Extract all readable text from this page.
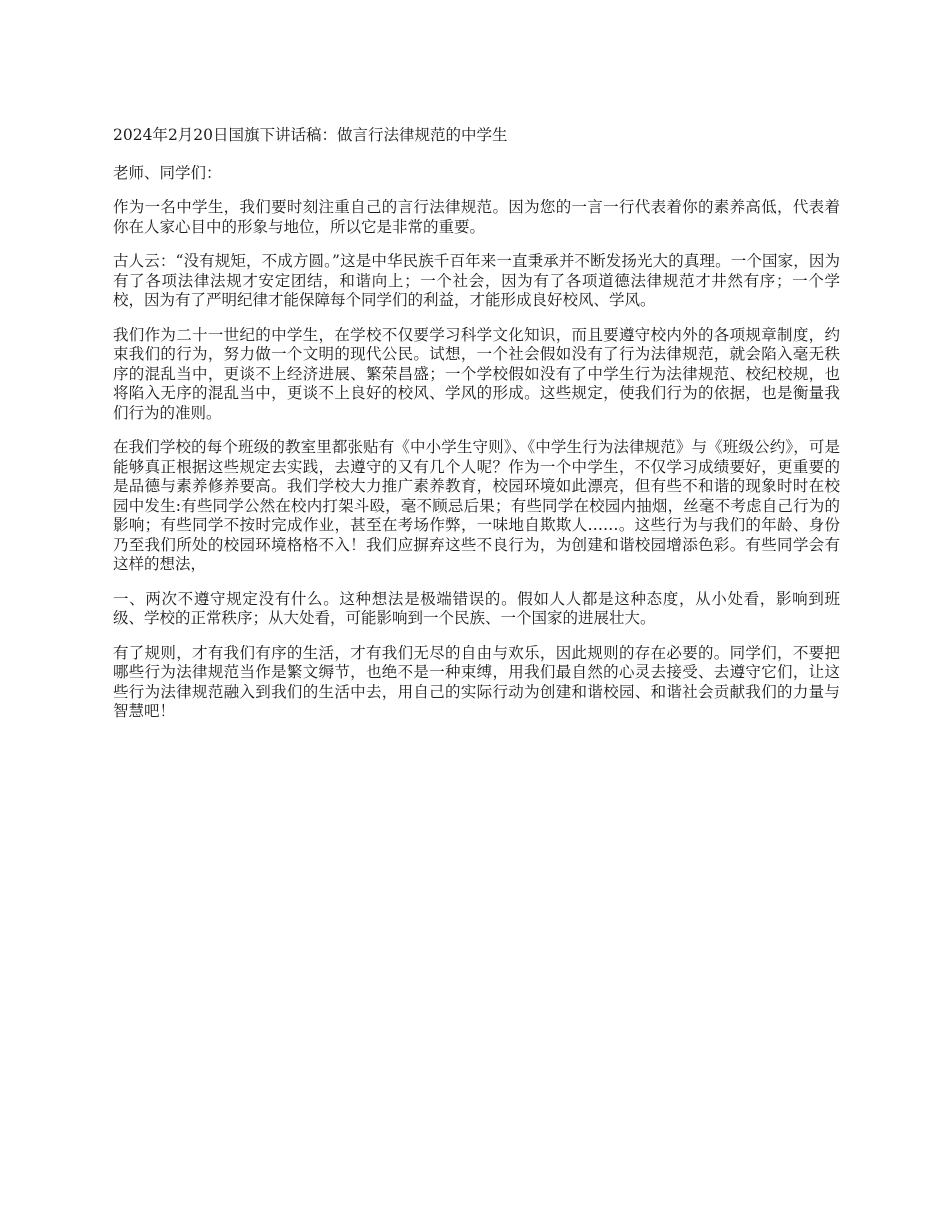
2024年2月20日国旗下讲话稿：做言行法律规范的中学生

老师、同学们：

作为一名中学生，我们要时刻注重自己的言行法律规范。因为您的一言一行代表着你的素养高低，代表着你在人家心目中的形象与地位，所以它是非常的重要。

古人云：“没有规矩，不成方圆。”这是中华民族千百年来一直秉承并不断发扬光大的真理。一个国家，因为有了各项法律法规才安定团结，和谐向上；一个社会，因为有了各项道德法律规范才井然有序；一个学校，因为有了严明纪律才能保障每个同学们的利益，才能形成良好校风、学风。

我们作为二十一世纪的中学生，在学校不仅要学习科学文化知识，而且要遵守校内外的各项规章制度，约束我们的行为，努力做一个文明的现代公民。试想，一个社会假如没有了行为法律规范，就会陷入毫无秩序的混乱当中，更谈不上经济进展、繁荣昌盛；一个学校假如没有了中学生行为法律规范、校纪校规，也将陷入无序的混乱当中，更谈不上良好的校风、学风的形成。这些规定，使我们行为的依据，也是衡量我们行为的准则。

在我们学校的每个班级的教室里都张贴有《中小学生守则》、《中学生行为法律规范》与《班级公约》，可是能够真正根据这些规定去实践，去遵守的又有几个人呢？作为一个中学生，不仅学习成绩要好，更重要的是品德与素养修养要高。我们学校大力推广素养教育，校园环境如此漂亮，但有些不和谐的现象时时在校园中发生:有些同学公然在校内打架斗殴，毫不顾忌后果；有些同学在校园内抽烟，丝毫不考虑自己行为的影响；有些同学不按时完成作业，甚至在考场作弊，一味地自欺欺人……。这些行为与我们的年龄、身份乃至我们所处的校园环境格格不入！我们应摒弃这些不良行为，为创建和谐校园增添色彩。有些同学会有这样的想法，

一、两次不遵守规定没有什么。这种想法是极端错误的。假如人人都是这种态度，从小处看，影响到班级、学校的正常秩序；从大处看，可能影响到一个民族、一个国家的进展壮大。

有了规则，才有我们有序的生活，才有我们无尽的自由与欢乐，因此规则的存在必要的。同学们，不要把哪些行为法律规范当作是繁文缛节，也绝不是一种束缚，用我们最自然的心灵去接受、去遵守它们，让这些行为法律规范融入到我们的生活中去，用自己的实际行动为创建和谐校园、和谐社会贡献我们的力量与智慧吧！
